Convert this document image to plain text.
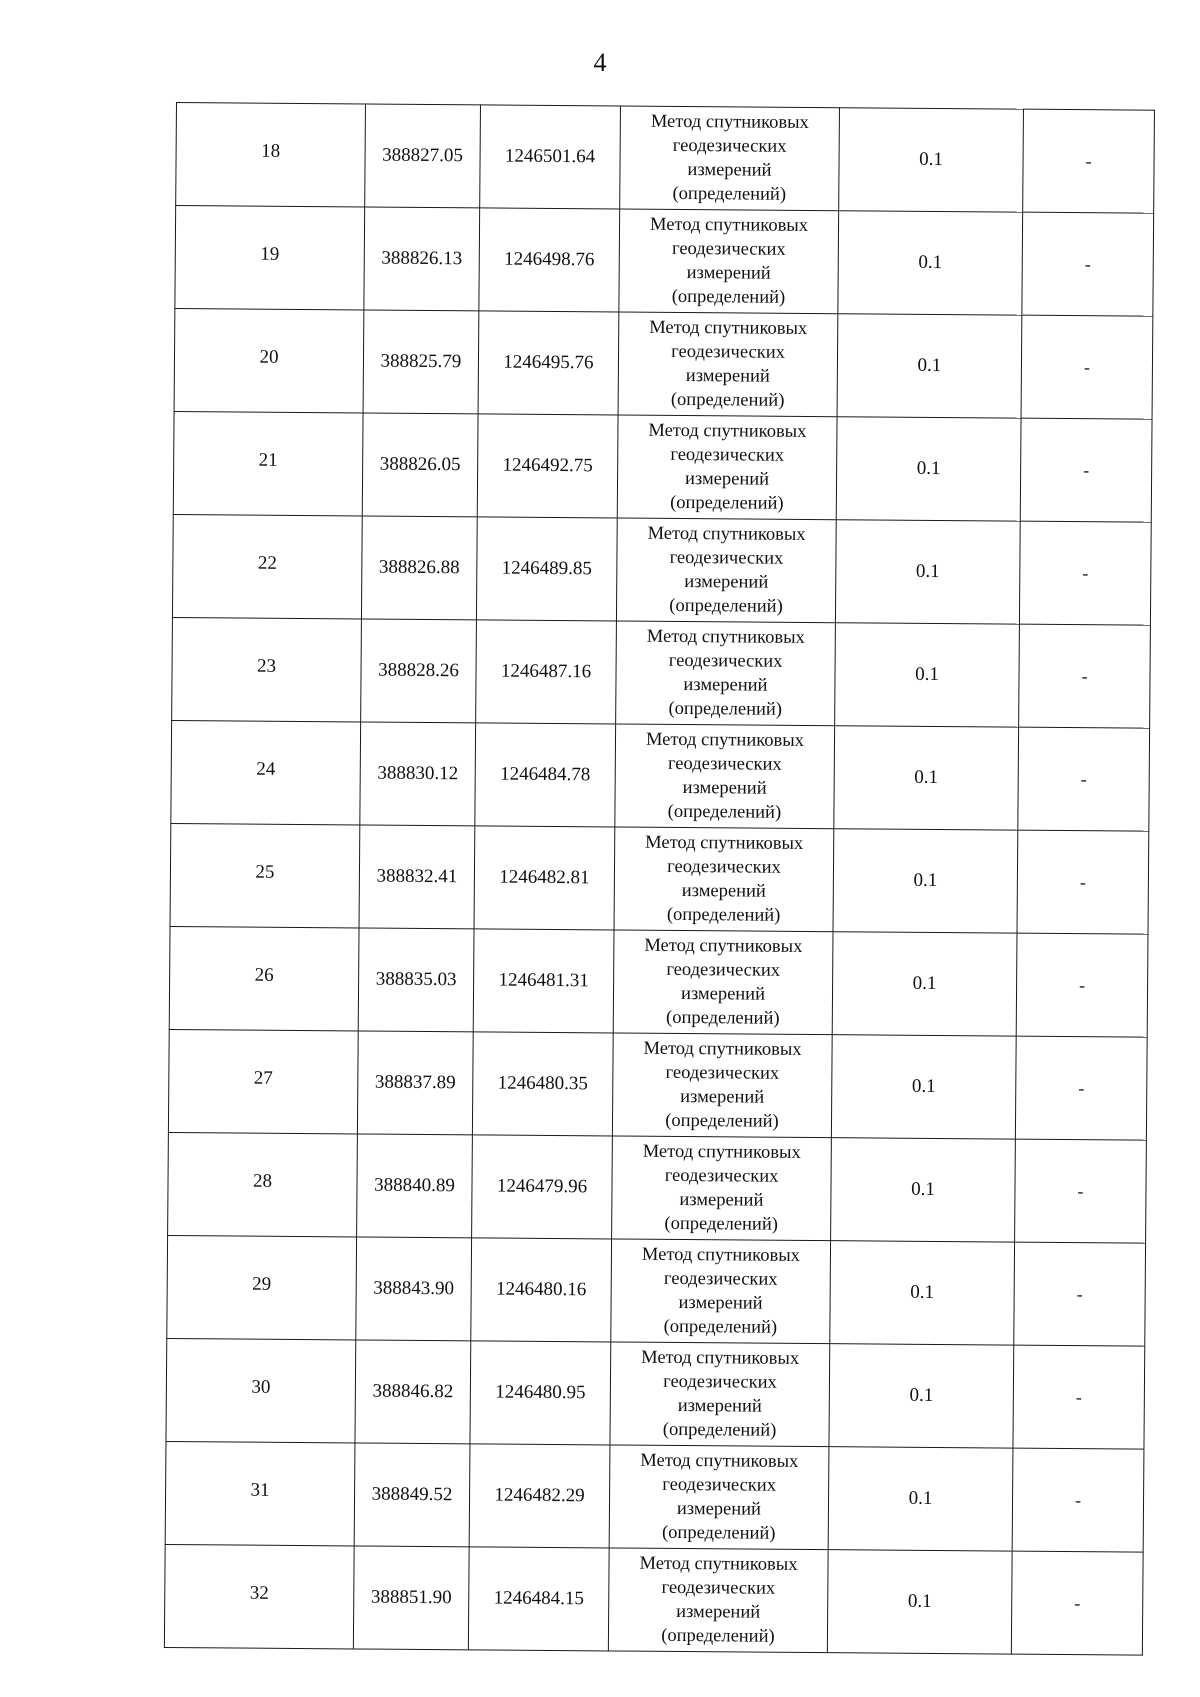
4
18	388827.05	1246501.64	Метод спутниковых
геодезических
измерений
(определений)	0.1	-
19	388826.13	1246498.76	Метод спутниковых
геодезических
измерений
(определений)	0.1	-
20	388825.79	1246495.76	Метод спутниковых
геодезических
измерений
(определений)	0.1	-
21	388826.05	1246492.75	Метод спутниковых
геодезических
измерений
(определений)	0.1	-
22	388826.88	1246489.85	Метод спутниковых
геодезических
измерений
(определений)	0.1	-
23	388828.26	1246487.16	Метод спутниковых
геодезических
измерений
(определений)	0.1	-
24	388830.12	1246484.78	Метод спутниковых
геодезических
измерений
(определений)	0.1	-
25	388832.41	1246482.81	Метод спутниковых
геодезических
измерений
(определений)	0.1	-
26	388835.03	1246481.31	Метод спутниковых
геодезических
измерений
(определений)	0.1	-
27	388837.89	1246480.35	Метод спутниковых
геодезических
измерений
(определений)	0.1	-
28	388840.89	1246479.96	Метод спутниковых
геодезических
измерений
(определений)	0.1	-
29	388843.90	1246480.16	Метод спутниковых
геодезических
измерений
(определений)	0.1	-
30	388846.82	1246480.95	Метод спутниковых
геодезических
измерений
(определений)	0.1	-
31	388849.52	1246482.29	Метод спутниковых
геодезических
измерений
(определений)	0.1	-
32	388851.90	1246484.15	Метод спутниковых
геодезических
измерений
(определений)	0.1	-
